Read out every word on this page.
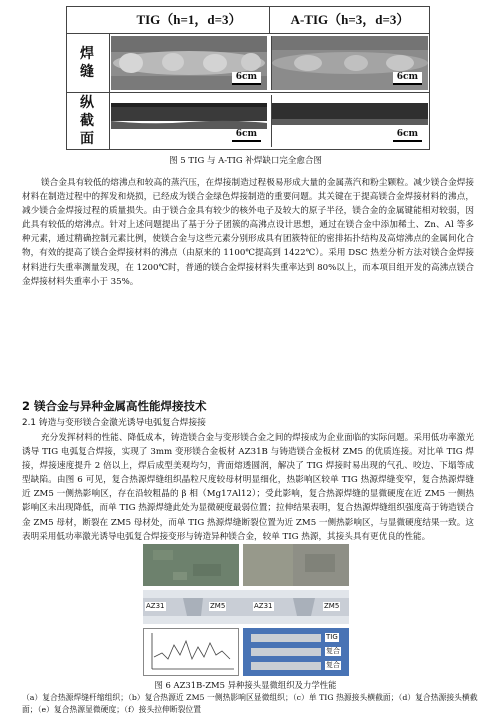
TIG（h=1，d=3）	A-TIG（h=3，d=3）
焊
缝	6cm	6cm
纵
截
面	6cm	6cm
图 5 TIG 与 A-TIG 补焊缺口完全愈合图
镁合金具有较低的熔沸点和较高的蒸汽压，在焊接制造过程极易形成大量的金属蒸汽和粉尘颗粒。减少镁合金焊接材料在制造过程中的挥发和烧损，已经成为镁合金绿色焊接制造的重要问题。其关键在于提高镁合金焊接材料的沸点，减少镁合金焊接过程的质量损失。由于镁合金具有较少的核外电子及较大的原子半径，镁合金的金属键能相对较弱，因此具有较低的熔沸点。针对上述问题提出了基于分子团簇的高沸点设计思想，通过在镁合金中添加稀土、Zn、Al 等多种元素，通过精确控制元素比例，使镁合金与这些元素分别形成具有团簇特征的密排拓扑结构及高熔沸点的金属间化合物，有效的提高了镁合金焊接材料的沸点（由原来的 1100℃提高到 1422℃）。采用 DSC 热差分析方法对镁合金焊接材料进行失重率测量发现，在 1200℃时，普通的镁合金焊接材料失重率达到 80%以上，而本项目组开发的高沸点镁合金焊接材料失重率小于 35%。
2 镁合金与异种金属高性能焊接技术
2.1 铸造与变形镁合金激光诱导电弧复合焊接接
充分发挥材料的性能、降低成本，铸造镁合金与变形镁合金之间的焊接成为企业面临的实际问题。采用低功率激光诱导 TIG 电弧复合焊接，实现了 3mm 变形镁合金板材 AZ31B 与铸造镁合金板材 ZM5 的优质连接。对比单 TIG 焊接，焊接速度提升 2 倍以上，焊后成型美观均匀，背面熔透圆润，解决了 TIG 焊接时易出现的气孔、咬边、下塌等成型缺陷。由图 6 可见，复合热源焊缝组织晶粒尺度较母材明显细化，热影响区较单 TIG 热源焊缝变窄，复合热源焊缝近 ZM5 一侧热影响区，存在沿较粗晶的 β 相（Mg17Al12）；受此影响，复合热源焊缝的显微硬度在近 ZM5 一侧热影响区未出现降低，而单 TIG 热源焊缝此处为显微硬度最弱位置；拉伸结果表明，复合热源焊缝组织强度高于铸造镁合金 ZM5 母材，断裂在 ZM5 母材处，而单 TIG 热源焊缝断裂位置为近 ZM5 一侧热影响区，与显微硬度结果一致。这表明采用低功率激光诱导电弧复合焊接变形与铸造异种镁合金，较单 TIG 热源，其接头具有更优良的性能。
AZ31	ZM5	AZ31	ZM5
TIG
复合
复合
图 6 AZ31B-ZM5 异种接头显微组织及力学性能
（a）复合热源焊缝杆缩组织；（b）复合热源近 ZM5 一侧热影响区显微组织；（c）单 TIG 热源接头横截面；（d）复合热源接头横截面；（e）复合热源显微硬度；（f）接头拉伸断裂位置
